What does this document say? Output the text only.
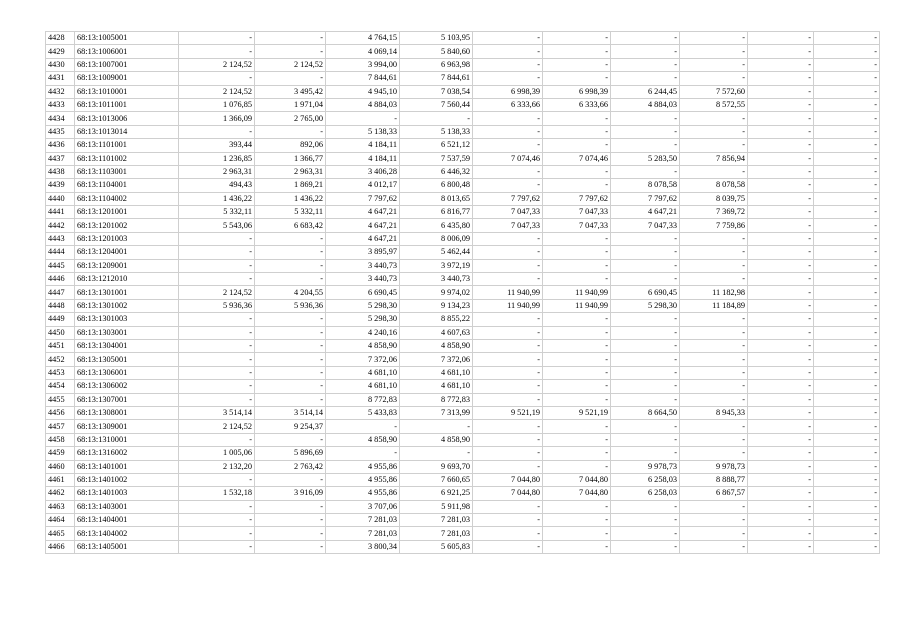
4428	68:13:1005001	-	-	4 764,15	5 103,95	-	-	-	-	-	-
4429	68:13:1006001	-	-	4 069,14	5 840,60	-	-	-	-	-	-
4430	68:13:1007001	2 124,52	2 124,52	3 994,00	6 963,98	-	-	-	-	-	-
4431	68:13:1009001	-	-	7 844,61	7 844,61	-	-	-	-	-	-
4432	68:13:1010001	2 124,52	3 495,42	4 945,10	7 038,54	6 998,39	6 998,39	6 244,45	7 572,60	-	-
4433	68:13:1011001	1 076,85	1 971,04	4 884,03	7 560,44	6 333,66	6 333,66	4 884,03	8 572,55	-	-
4434	68:13:1013006	1 366,09	2 765,00	-	-	-	-	-	-	-	-
4435	68:13:1013014	-	-	5 138,33	5 138,33	-	-	-	-	-	-
4436	68:13:1101001	393,44	892,06	4 184,11	6 521,12	-	-	-	-	-	-
4437	68:13:1101002	1 236,85	1 366,77	4 184,11	7 537,59	7 074,46	7 074,46	5 283,50	7 856,94	-	-
4438	68:13:1103001	2 963,31	2 963,31	3 406,28	6 446,32	-	-	-	-	-	-
4439	68:13:1104001	494,43	1 869,21	4 012,17	6 800,48	-	-	8 078,58	8 078,58	-	-
4440	68:13:1104002	1 436,22	1 436,22	7 797,62	8 013,65	7 797,62	7 797,62	7 797,62	8 039,75	-	-
4441	68:13:1201001	5 332,11	5 332,11	4 647,21	6 816,77	7 047,33	7 047,33	4 647,21	7 369,72	-	-
4442	68:13:1201002	5 543,06	6 683,42	4 647,21	6 435,80	7 047,33	7 047,33	7 047,33	7 759,86	-	-
4443	68:13:1201003	-	-	4 647,21	8 006,09	-	-	-	-	-	-
4444	68:13:1204001	-	-	3 895,97	5 462,44	-	-	-	-	-	-
4445	68:13:1209001	-	-	3 440,73	3 972,19	-	-	-	-	-	-
4446	68:13:1212010	-	-	3 440,73	3 440,73	-	-	-	-	-	-
4447	68:13:1301001	2 124,52	4 204,55	6 690,45	9 974,02	11 940,99	11 940,99	6 690,45	11 182,98	-	-
4448	68:13:1301002	5 936,36	5 936,36	5 298,30	9 134,23	11 940,99	11 940,99	5 298,30	11 184,89	-	-
4449	68:13:1301003	-	-	5 298,30	8 855,22	-	-	-	-	-	-
4450	68:13:1303001	-	-	4 240,16	4 607,63	-	-	-	-	-	-
4451	68:13:1304001	-	-	4 858,90	4 858,90	-	-	-	-	-	-
4452	68:13:1305001	-	-	7 372,06	7 372,06	-	-	-	-	-	-
4453	68:13:1306001	-	-	4 681,10	4 681,10	-	-	-	-	-	-
4454	68:13:1306002	-	-	4 681,10	4 681,10	-	-	-	-	-	-
4455	68:13:1307001	-	-	8 772,83	8 772,83	-	-	-	-	-	-
4456	68:13:1308001	3 514,14	3 514,14	5 433,83	7 313,99	9 521,19	9 521,19	8 664,50	8 945,33	-	-
4457	68:13:1309001	2 124,52	9 254,37	-	-	-	-	-	-	-	-
4458	68:13:1310001	-	-	4 858,90	4 858,90	-	-	-	-	-	-
4459	68:13:1316002	1 005,06	5 896,69	-	-	-	-	-	-	-	-
4460	68:13:1401001	2 132,20	2 763,42	4 955,86	9 693,70	-	-	9 978,73	9 978,73	-	-
4461	68:13:1401002	-	-	4 955,86	7 660,65	7 044,80	7 044,80	6 258,03	8 888,77	-	-
4462	68:13:1401003	1 532,18	3 916,09	4 955,86	6 921,25	7 044,80	7 044,80	6 258,03	6 867,57	-	-
4463	68:13:1403001	-	-	3 707,06	5 911,98	-	-	-	-	-	-
4464	68:13:1404001	-	-	7 281,03	7 281,03	-	-	-	-	-	-
4465	68:13:1404002	-	-	7 281,03	7 281,03	-	-	-	-	-	-
4466	68:13:1405001	-	-	3 800,34	5 605,83	-	-	-	-	-	-
